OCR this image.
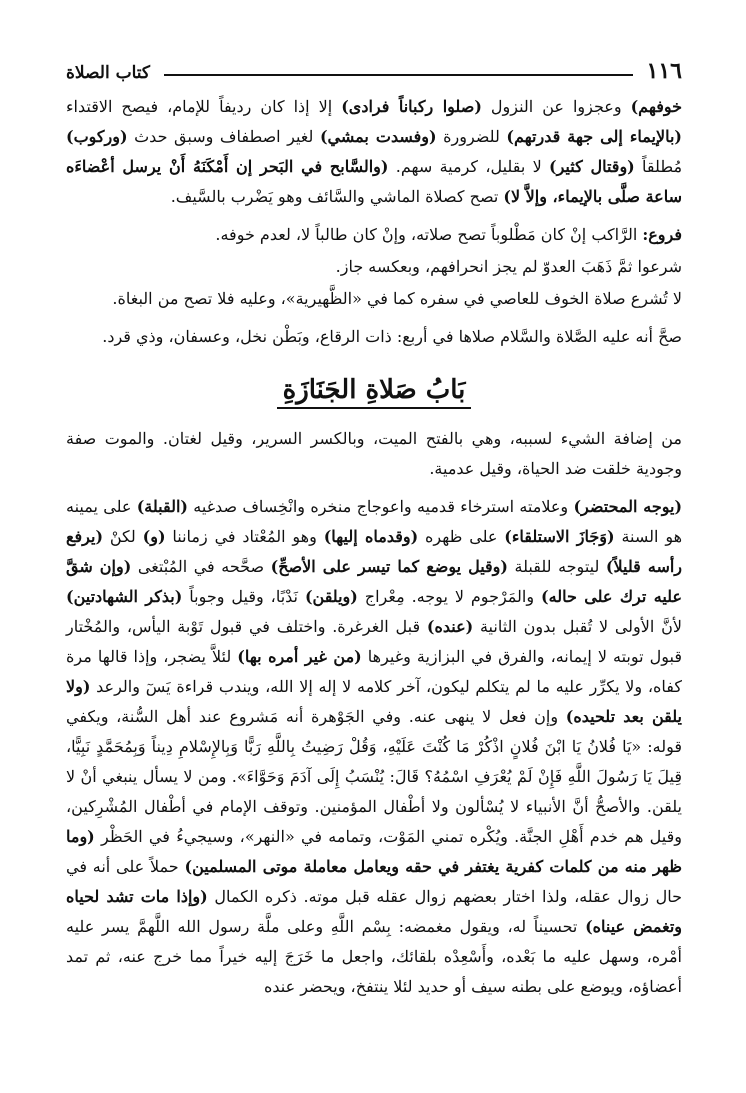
١١٦
كتاب الصلاة

خوفهم) وعجزوا عن النزول (صلوا ركباناً فرادى) إلا إذا كان رديفاً للإمام، فيصح الاقتداء (بالإيماء إلى جهة قدرتهم) للضرورة (وفسدت بمشي) لغير اصطفاف وسبق حدث (وركوب) مُطلقاً (وقتال كثير) لا بقليل، كرمية سهم. (والسَّابح في البَحر إن أَمْكَنَهُ أَنْ يرسل أعْضاءَه ساعة صلَّى بالإيماء، وإلاَّ لا) تصح كصلاة الماشي والسَّائف وهو يَضْرب بالسَّيف.

فروع: الرَّاكب إنْ كان مَطْلوباً تصح صلاته، وإنْ كان طالباً لا، لعدم خوفه.

شرعوا ثمَّ ذَهَبَ العدوّ لم يجز انحرافهم، وبعكسه جاز.

لا تُشرع صلاة الخوف للعاصي في سفره كما في «الظَّهيرية»، وعليه فلا تصح من البغاة.

صحَّ أنه عليه الصَّلاة والسَّلام صلاها في أربع: ذات الرقاع، وبَطْن نخل، وعسفان، وذي قرد.

بَابُ صَلاةِ الجَنَازَةِ

من إضافة الشيء لسببه، وهي بالفتح الميت، وبالكسر السرير، وقيل لغتان. والموت صفة وجودية خلقت ضد الحياة، وقيل عدمية.

(يوجه المحتضر) وعلامته استرخاء قدميه واعوجاج منخره وانْخِساف صدغيه (القبلة) على يمينه هو السنة (وَجَازَ الاستلقاء) على ظهره (وقدماه إليها) وهو المُعْتاد في زماننا (و) لكنْ (يرفع رأسه قليلاً) ليتوجه للقبلة (وقيل يوضع كما تيسر على الأصحِّ) صحَّحه في المُبْتغى (وإن شقَّ عليه ترك على حاله) والمَرْجوم لا يوجه. مِعْراج (ويلقن) نَدْبًا، وقيل وجوباً (بذكر الشهادتين) لأنَّ الأولى لا تُقبل بدون الثانية (عنده) قبل الغرغرة. واختلف في قبول تَوْبة اليأس، والمُخْتار قبول توبته لا إيمانه، والفرق في البزازية وغيرها (من غير أمره بها) لئلاَّ يضجر، وإذا قالها مرة كفاه، ولا يكرِّر عليه ما لم يتكلم ليكون، آخر كلامه لا إله إلا الله، ويندب قراءة يَسٓ والرعد (ولا يلقن بعد تلحيده) وإن فعل لا ينهى عنه. وفي الجَوْهرة أنه مَشروع عند أهل السُّنة، ويكفي قوله: «يَا فُلانُ يَا ابْنَ فُلانٍ اذْكُرْ مَا كُنْتَ عَلَيْهِ، وَقُلْ رَضِيتُ بِاللَّهِ رَبًّا وَبِالإِسْلامِ دِيناً وَبِمُحَمَّدٍ نَبِيًّا، قِيلَ يَا رَسُولَ اللَّهِ فَإِنْ لَمْ يُعْرَفِ اسْمُهُ؟ قَالَ: يُنْسَبُ إِلَى آدَمَ وَحَوَّاءَ». ومن لا يسأل ينبغي أنْ لا يلقن. والأصحُّ أنَّ الأنبياء لا يُسْألون ولا أطْفال المؤمنين. وتوقف الإمام في أطْفال المُشْرِكين، وقيل هم خدم أَهْلِ الجنَّة. ويُكْره تمني المَوْت، وتمامه في «النهر»، وسيجيءُ في الحَظْر (وما ظهر منه من كلمات كفرية يغتفر في حقه ويعامل معاملة موتى المسلمين) حملاً على أنه في حال زوال عقله، ولذا اختار بعضهم زوال عقله قبل موته. ذكره الكمال (وإذا مات تشد لحياه وتغمض عيناه) تحسيناً له، ويقول مغمضه: بِسْم اللَّهِ وعلى ملَّة رسول الله اللَّهمَّ يسر عليه أمْره، وسهل عليه ما بَعْده، وأَسْعِدْه بلقائك، واجعل ما خَرَجَ إليه خيراً مما خرج عنه، ثم تمد أعضاؤه، ويوضع على بطنه سيف أو حديد لئلا ينتفخ، ويحضر عنده
